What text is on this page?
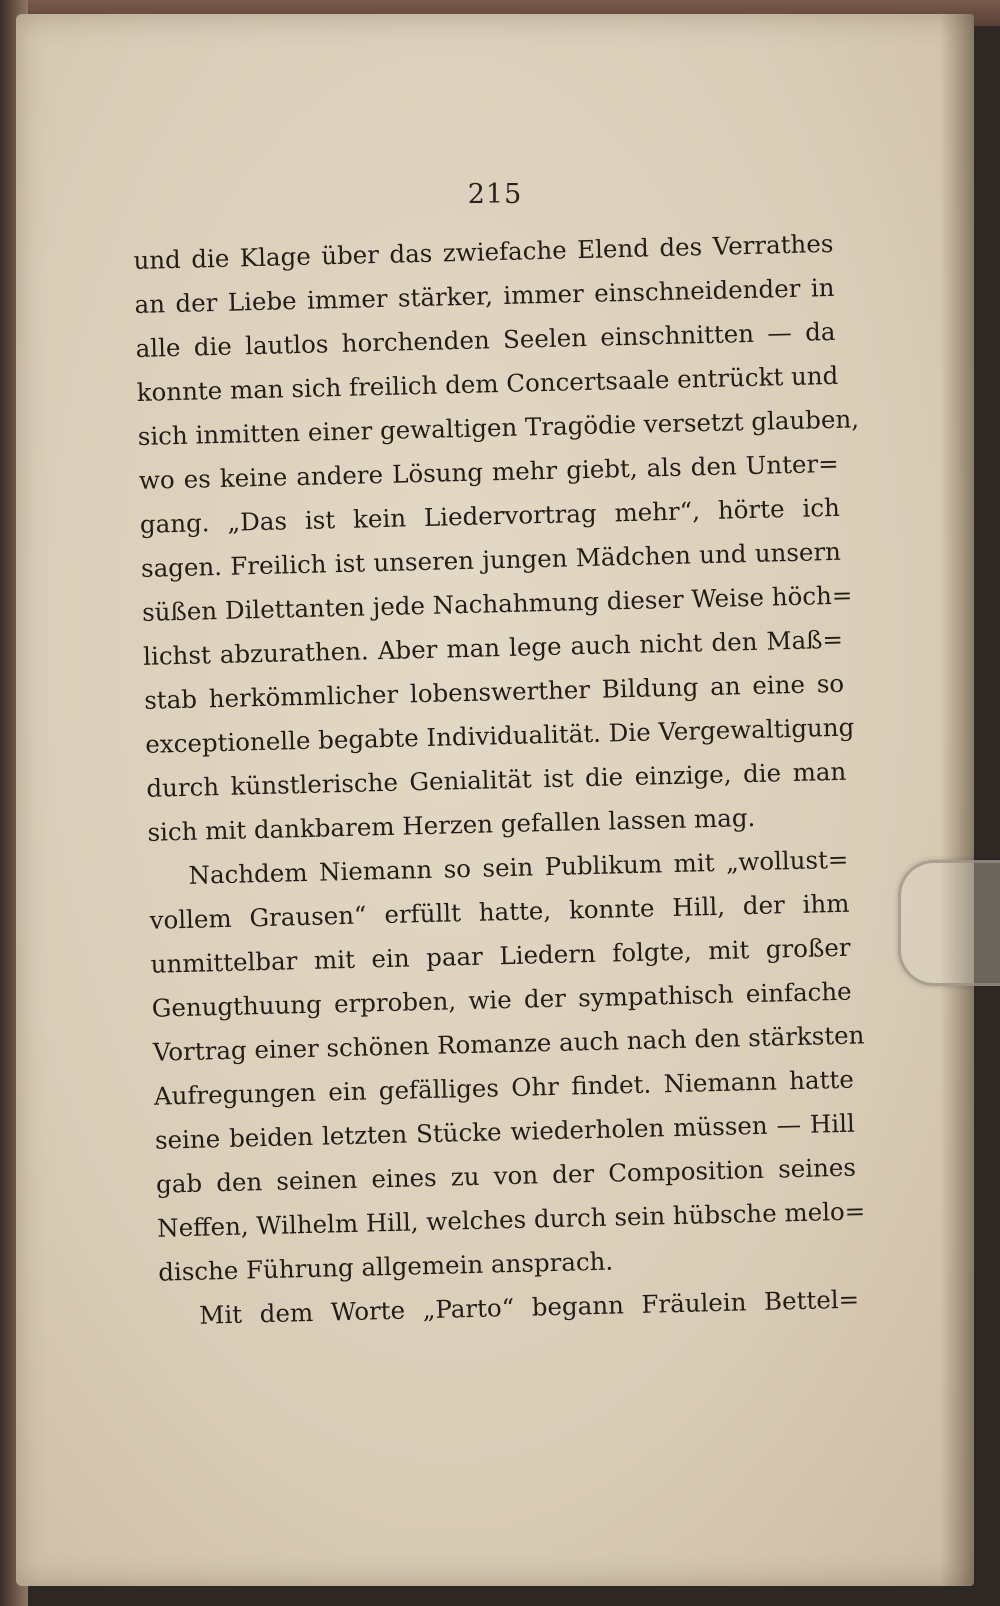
215
und die Klage über das zwiefache Elend des Verrathes
an der Liebe immer stärker, immer einschneidender in
alle die lautlos horchenden Seelen einschnitten — da
konnte man sich freilich dem Concertsaale entrückt und
sich inmitten einer gewaltigen Tragödie versetzt glauben,
wo es keine andere Lösung mehr giebt, als den Unter=
gang. „Das ist kein Liedervortrag mehr“, hörte ich
sagen. Freilich ist unseren jungen Mädchen und unsern
süßen Dilettanten jede Nachahmung dieser Weise höch=
lichst abzurathen. Aber man lege auch nicht den Maß=
stab herkömmlicher lobenswerther Bildung an eine so
exceptionelle begabte Individualität. Die Vergewaltigung
durch künstlerische Genialität ist die einzige, die man
sich mit dankbarem Herzen gefallen lassen mag.
Nachdem Niemann so sein Publikum mit „wollust=
vollem Grausen“ erfüllt hatte, konnte Hill, der ihm
unmittelbar mit ein paar Liedern folgte, mit großer
Genugthuung erproben, wie der sympathisch einfache
Vortrag einer schönen Romanze auch nach den stärksten
Aufregungen ein gefälliges Ohr findet. Niemann hatte
seine beiden letzten Stücke wiederholen müssen — Hill
gab den seinen eines zu von der Composition seines
Neffen, Wilhelm Hill, welches durch sein hübsche melo=
dische Führung allgemein ansprach.
Mit dem Worte „Parto“ begann Fräulein Bettel=
